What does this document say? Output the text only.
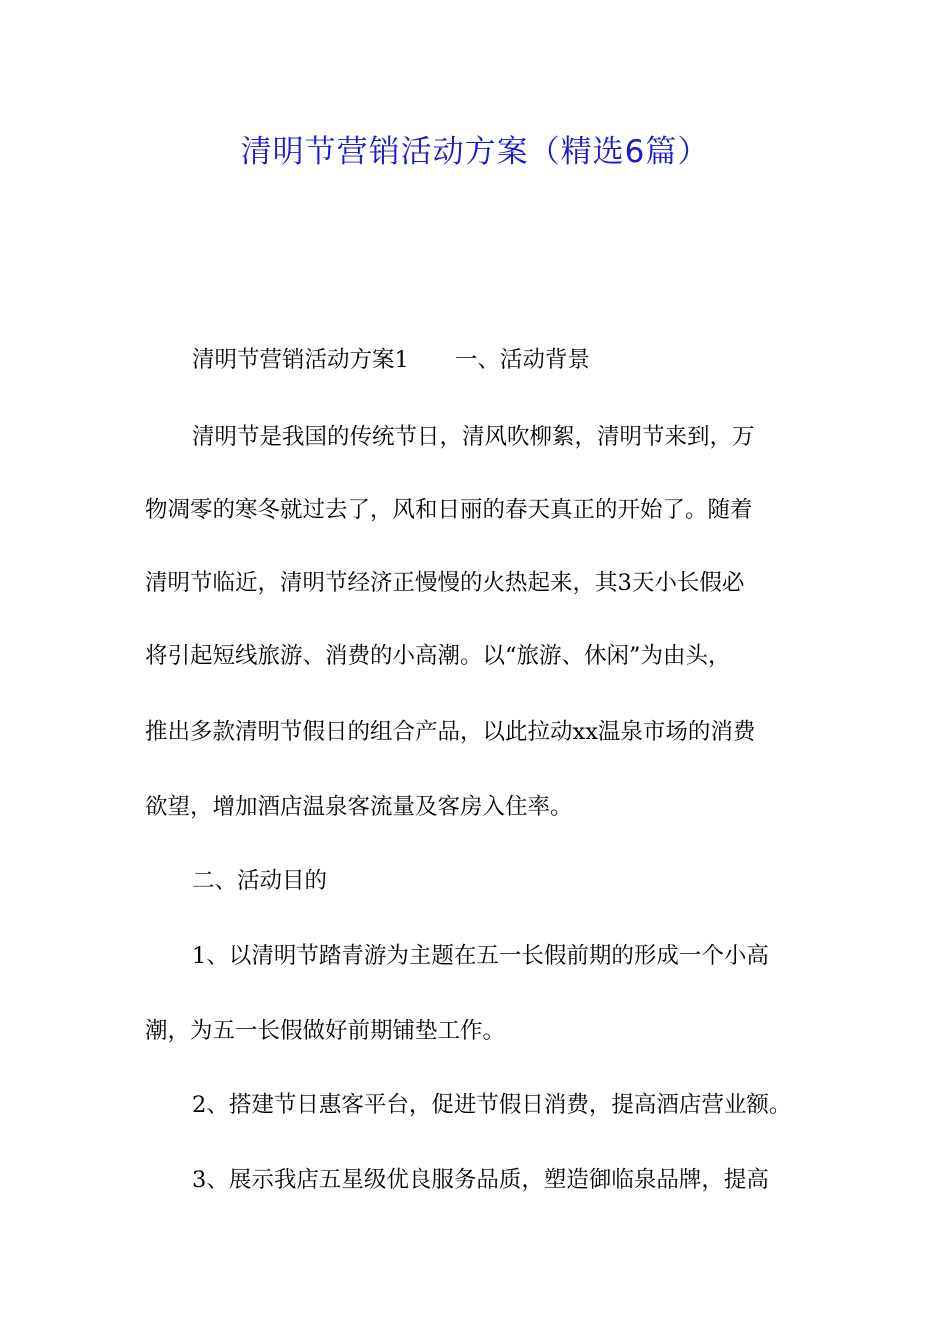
清明节营销活动方案（精选6篇）

清明节营销活动方案1 一、活动背景

清明节是我国的传统节日，清风吹柳絮，清明节来到，万

物凋零的寒冬就过去了，风和日丽的春天真正的开始了。随着

清明节临近，清明节经济正慢慢的火热起来，其3天小长假必

将引起短线旅游、消费的小高潮。以“旅游、休闲”为由头，

推出多款清明节假日的组合产品，以此拉动xx温泉市场的消费

欲望，增加酒店温泉客流量及客房入住率。

二、活动目的

1、以清明节踏青游为主题在五一长假前期的形成一个小高

潮，为五一长假做好前期铺垫工作。

2、搭建节日惠客平台，促进节假日消费，提高酒店营业额。

3、展示我店五星级优良服务品质，塑造御临泉品牌，提高
